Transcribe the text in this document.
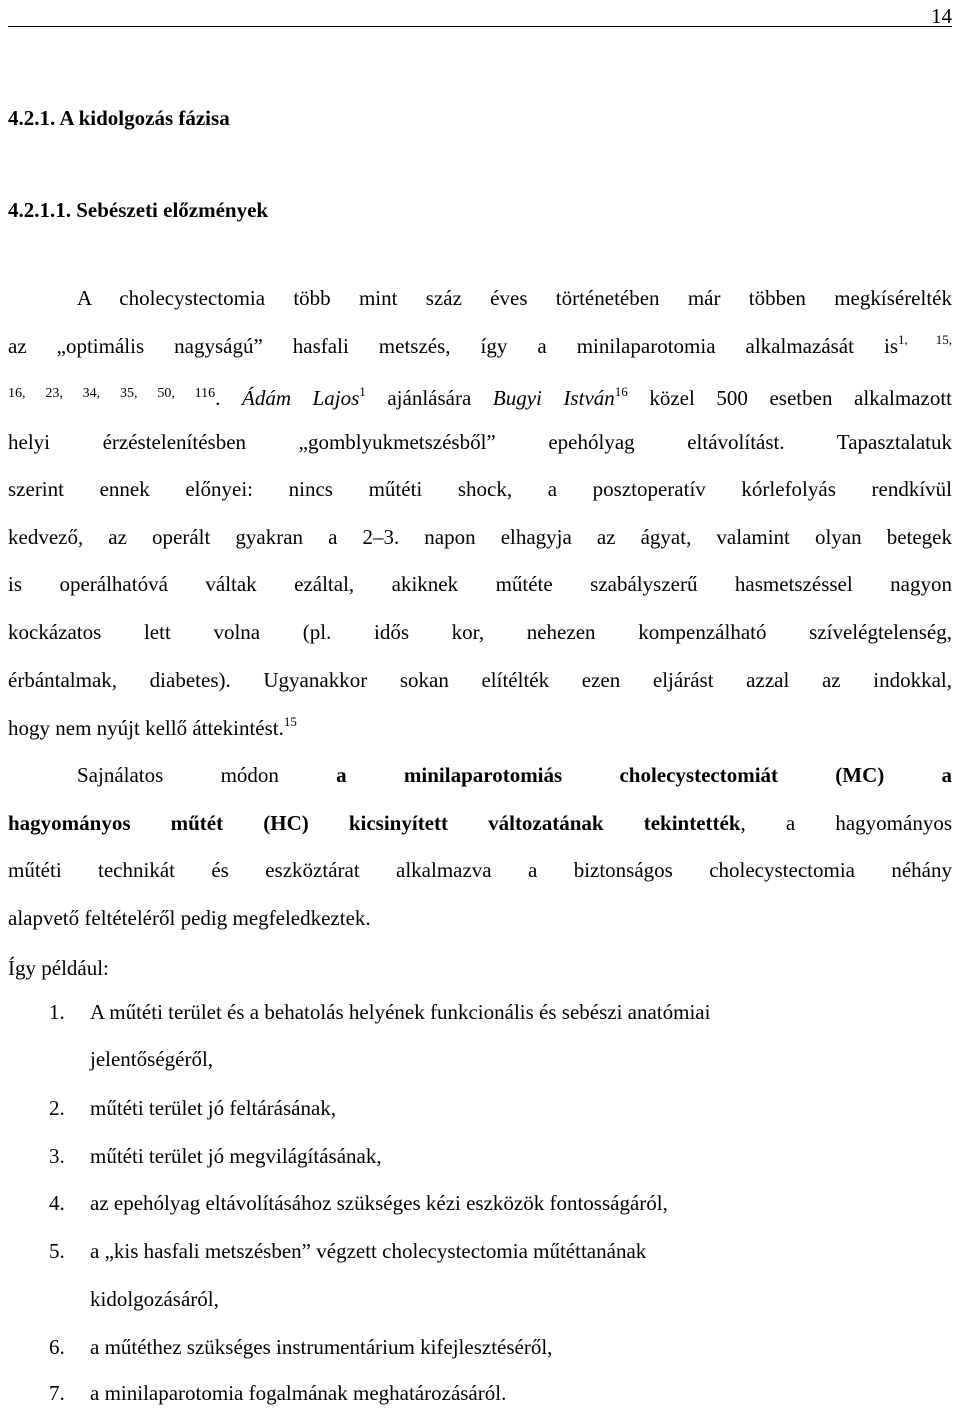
14
4.2.1. A kidolgozás fázisa
4.2.1.1. Sebészeti előzmények
A cholecystectomia több mint száz éves történetében már többen megkísérelték
az „optimális nagyságú” hasfali metszés, így a minilaparotomia alkalmazását $is^{1, 15,}$
$^{16, 23, 34, 35, 50, 116}$. Ádám Lajos$^1$ ajánlására Bugyi István$^{16}$ közel 500 esetben alkalmazott
helyi érzéstelenítésben „gomblyukmetszésből” epehólyag eltávolítást. Tapasztalatuk
szerint ennek előnyei: nincs műtéti shock, a posztoperatív kórlefolyás rendkívül
kedvező, az operált gyakran a 2–3. napon elhagyja az ágyat, valamint olyan betegek
is operálhatóvá váltak ezáltal, akiknek műtéte szabályszerű hasmetszéssel nagyon
kockázatos lett volna (pl. idős kor, nehezen kompenzálható szívelégtelenség,
érbántalmak, diabetes). Ugyanakkor sokan elítélték ezen eljárást azzal az indokkal,
hogy nem nyújt kellő áttekintést.$^{15}$
Sajnálatos módon a minilaparotomiás cholecystectomiát (MC) a
hagyományos műtét (HC) kicsinyített változatának tekintették, a hagyományos
műtéti technikát és eszköztárat alkalmazva a biztonságos cholecystectomia néhány
alapvető feltételéről pedig megfeledkeztek.
Így például:
1. A műtéti terület és a behatolás helyének funkcionális és sebészi anatómiai
jelentőségéről,
2. műtéti terület jó feltárásának,
3. műtéti terület jó megvilágításának,
4. az epehólyag eltávolításához szükséges kézi eszközök fontosságáról,
5. a „kis hasfali metszésben” végzett cholecystectomia műtéttanának
kidolgozásáról,
6. a műtéthez szükséges instrumentárium kifejlesztéséről,
7. a minilaparotomia fogalmának meghatározásáról.
